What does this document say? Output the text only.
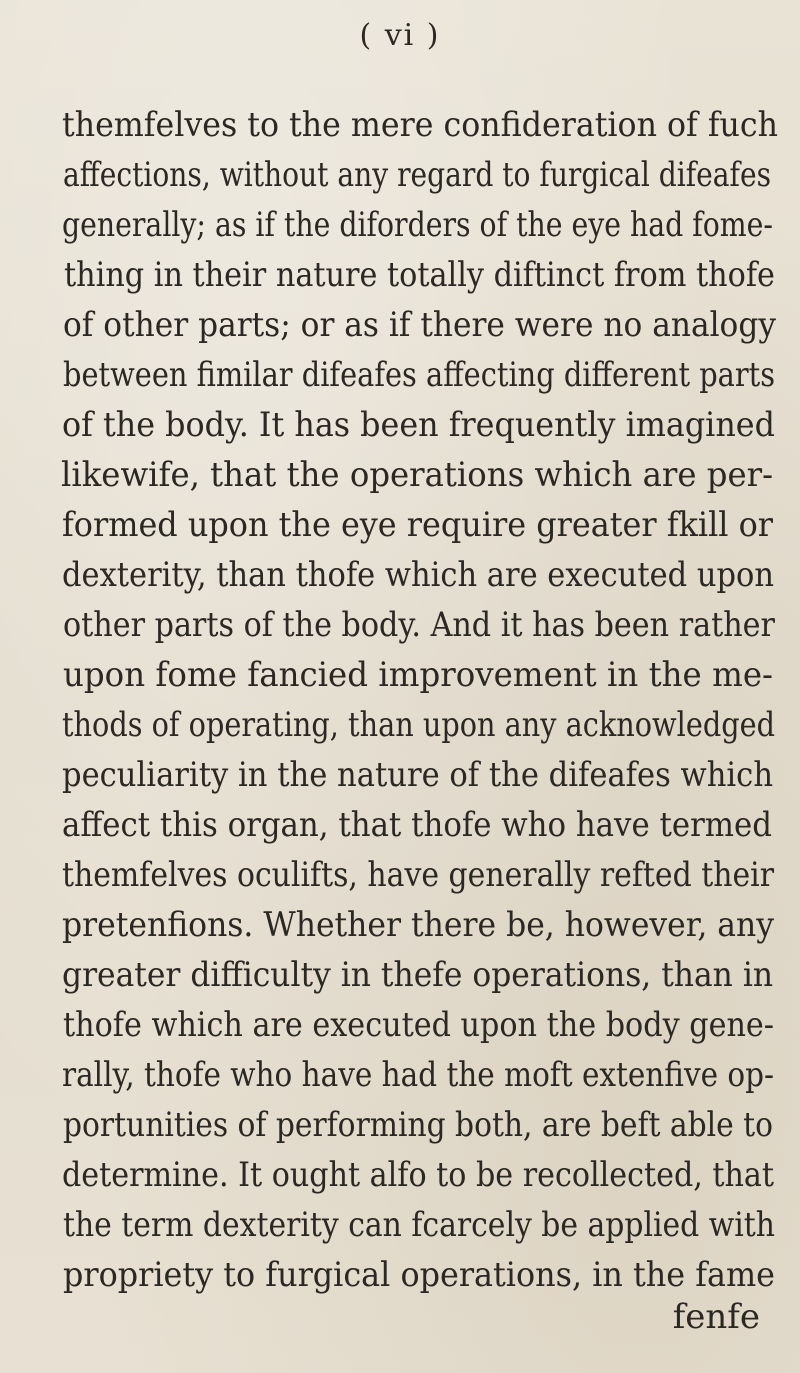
( vi )
themfelves to the mere confideration of fuch
affections, without any regard to furgical difeafes
generally; as if the diforders of the eye had fome-
thing in their nature totally diftinct from thofe
of other parts; or as if there were no analogy
between fimilar difeafes affecting different parts
of the body. It has been frequently imagined
likewife, that the operations which are per-
formed upon the eye require greater fkill or
dexterity, than thofe which are executed upon
other parts of the body. And it has been rather
upon fome fancied improvement in the me-
thods of operating, than upon any acknowledged
peculiarity in the nature of the difeafes which
affect this organ, that thofe who have termed
themfelves oculifts, have generally refted their
pretenfions. Whether there be, however, any
greater difficulty in thefe operations, than in
thofe which are executed upon the body gene-
rally, thofe who have had the moft extenfive op-
portunities of performing both, are beft able to
determine. It ought alfo to be recollected, that
the term dexterity can fcarcely be applied with
propriety to furgical operations, in the fame
fenfe
